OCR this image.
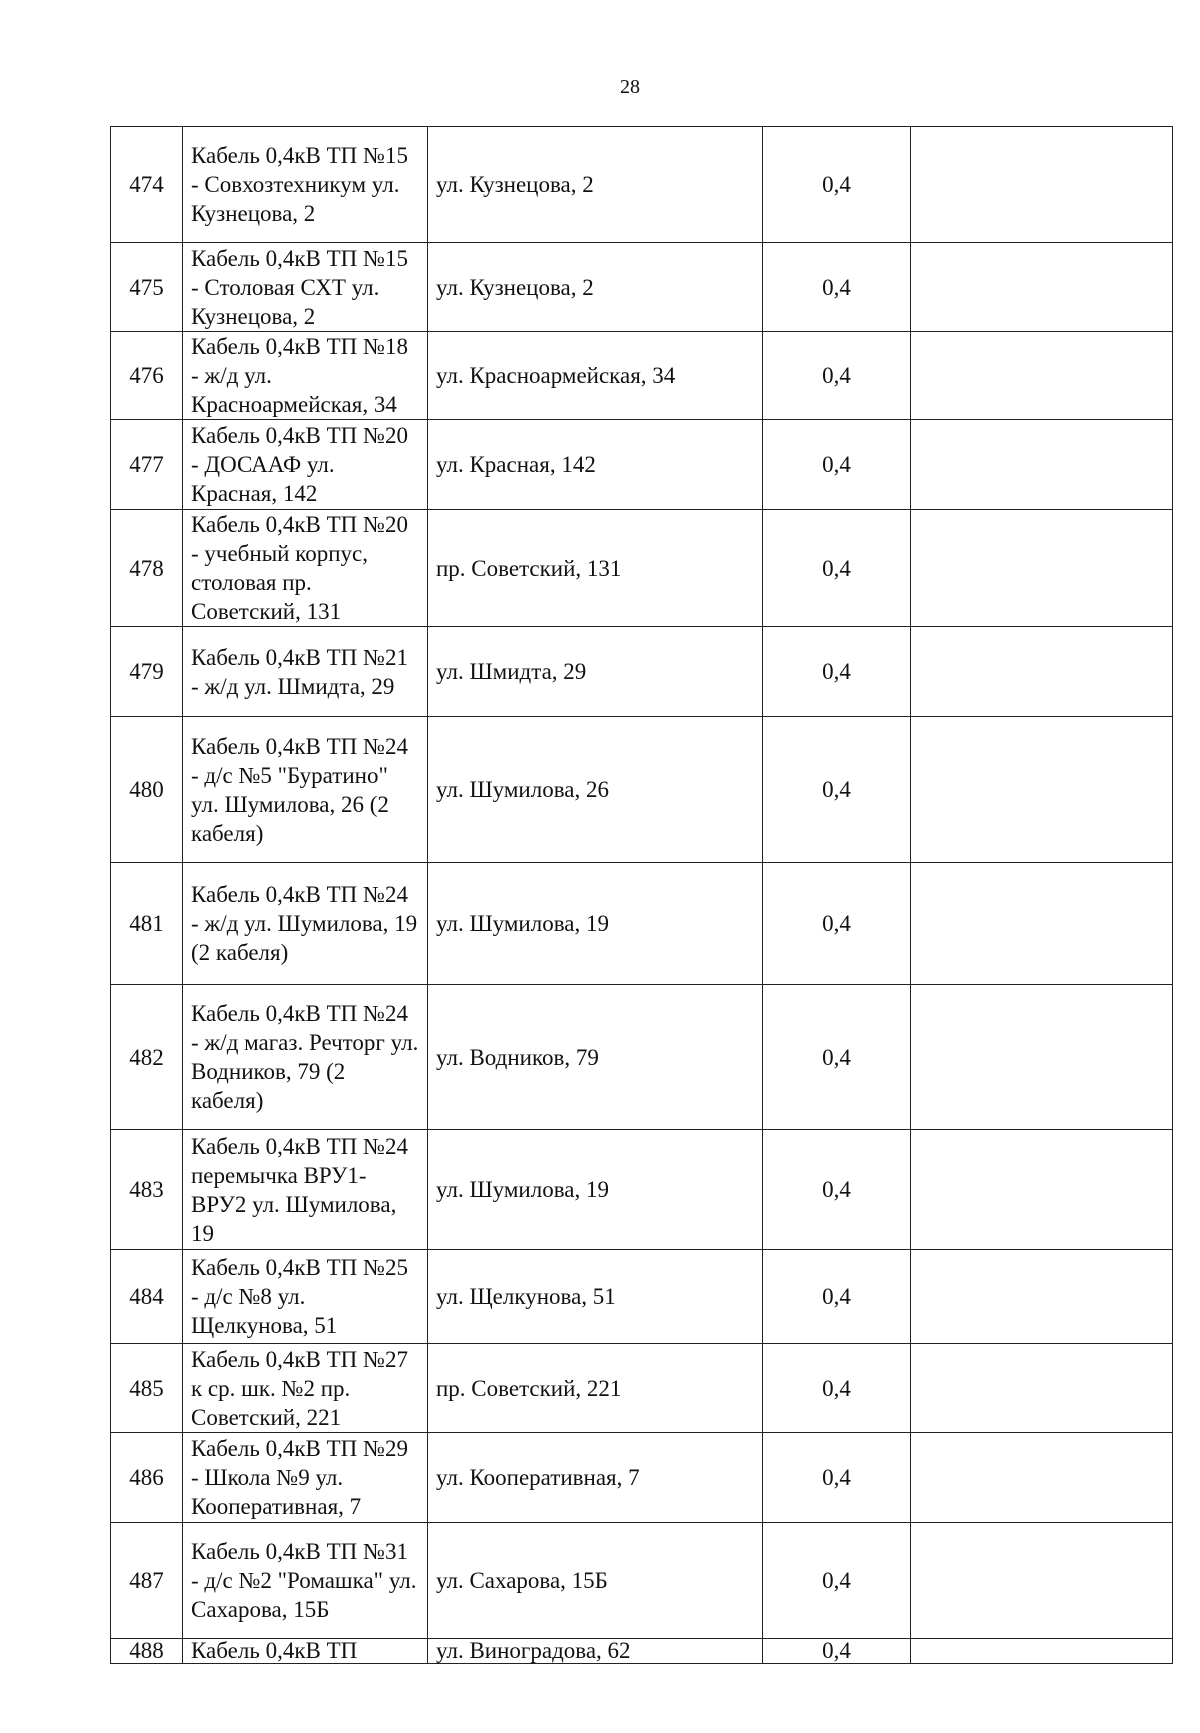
28
474	Кабель 0,4кВ ТП №15 - Совхозтехникум ул. Кузнецова, 2	ул. Кузнецова, 2	0,4	
475	Кабель 0,4кВ ТП №15 - Столовая СХТ ул. Кузнецова, 2	ул. Кузнецова, 2	0,4	
476	Кабель 0,4кВ ТП №18 - ж/д ул. Красноармейская, 34	ул. Красноармейская, 34	0,4	
477	Кабель 0,4кВ ТП №20 - ДОСААФ ул. Красная, 142	ул. Красная, 142	0,4	
478	Кабель 0,4кВ ТП №20 - учебный корпус, столовая пр. Советский, 131	пр. Советский, 131	0,4	
479	Кабель 0,4кВ ТП №21 - ж/д ул. Шмидта, 29	ул. Шмидта, 29	0,4	
480	Кабель 0,4кВ ТП №24 - д/с №5 "Буратино" ул. Шумилова, 26 (2 кабеля)	ул. Шумилова, 26	0,4	
481	Кабель 0,4кВ ТП №24 - ж/д ул. Шумилова, 19 (2 кабеля)	ул. Шумилова, 19	0,4	
482	Кабель 0,4кВ ТП №24 - ж/д магаз. Речторг ул. Водников, 79 (2 кабеля)	ул. Водников, 79	0,4	
483	Кабель 0,4кВ ТП №24 перемычка ВРУ1-ВРУ2 ул. Шумилова, 19	ул. Шумилова, 19	0,4	
484	Кабель 0,4кВ ТП №25 - д/с №8 ул. Щелкунова, 51	ул. Щелкунова, 51	0,4	
485	Кабель 0,4кВ ТП №27 к ср. шк. №2 пр. Советский, 221	пр. Советский, 221	0,4	
486	Кабель 0,4кВ ТП №29 - Школа №9 ул. Кооперативная, 7	ул. Кооперативная, 7	0,4	
487	Кабель 0,4кВ ТП №31 - д/с №2 "Ромашка" ул. Сахарова, 15Б	ул. Сахарова, 15Б	0,4	
488	Кабель 0,4кВ ТП	ул. Виноградова, 62	0,4	
